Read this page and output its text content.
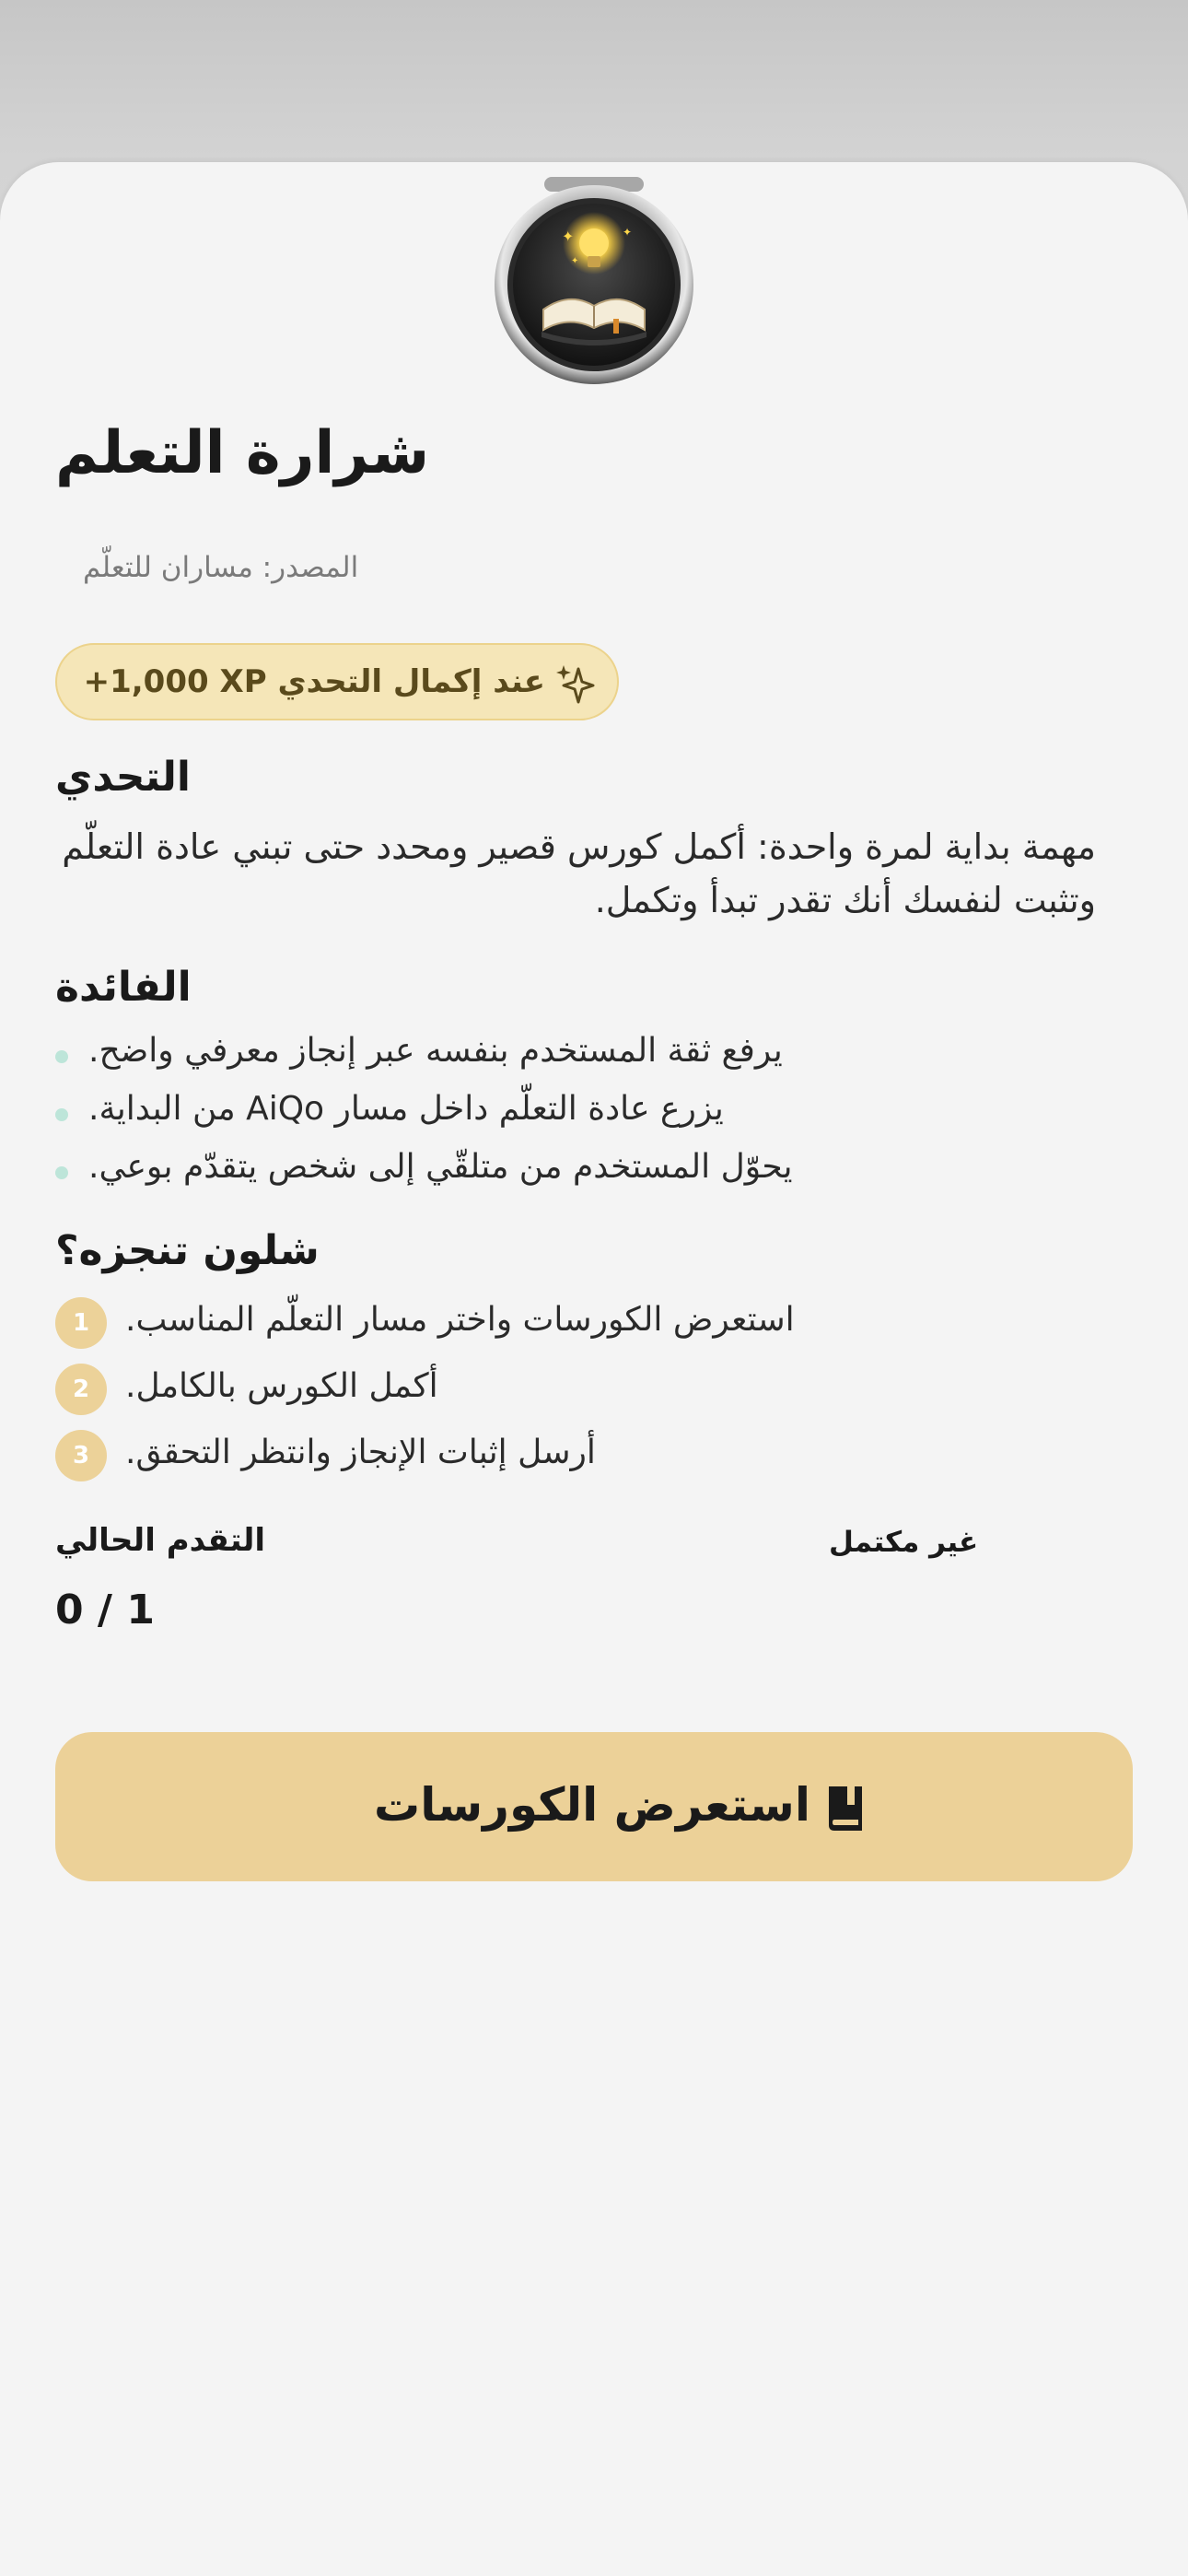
✦	✦
✦
شرارة التعلم
المصدر: مساران للتعلّم
عند إكمال التحدي ‪+1,000 XP‬
التحدي
مهمة بداية لمرة واحدة: أكمل كورس قصير ومحدد حتى تبني عادة التعلّم وتثبت لنفسك أنك تقدر تبدأ وتكمل.
الفائدة
يرفع ثقة المستخدم بنفسه عبر إنجاز معرفي واضح.
يزرع عادة التعلّم داخل مسار AiQo من البداية.
يحوّل المستخدم من متلقّي إلى شخص يتقدّم بوعي.
شلون تنجزه؟
1	استعرض الكورسات واختر مسار التعلّم المناسب.
2	أكمل الكورس بالكامل.
3	أرسل إثبات الإنجاز وانتظر التحقق.
التقدم الحالي	غير مكتمل
0 / 1
استعرض الكورسات
